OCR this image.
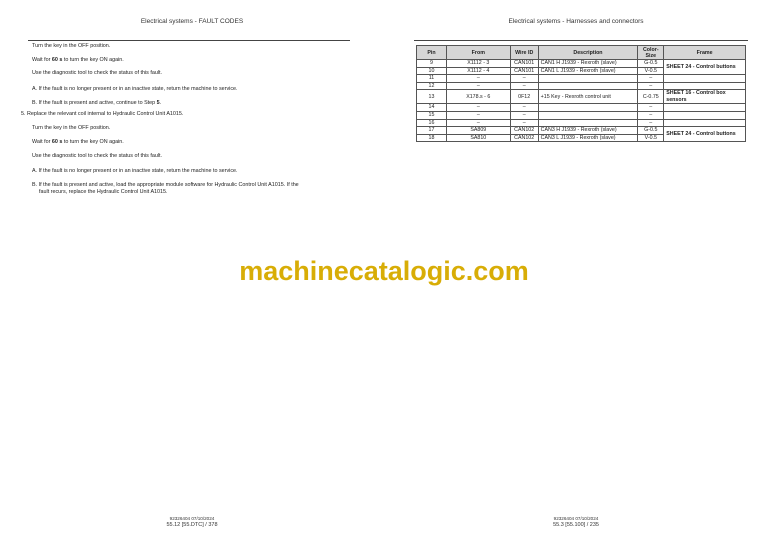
Electrical systems - FAULT CODES
Turn the key in the OFF position.
Wait for 60 s to turn the key ON again.
Use the diagnostic tool to check the status of this fault.
A. If the fault is no longer present or in an inactive state, return the machine to service.
B. If the fault is present and active, continue to Step 5.
5. Replace the relevant coil internal to Hydraulic Control Unit A1015.
Turn the key in the OFF position.
Wait for 60 s to turn the key ON again.
Use the diagnostic tool to check the status of this fault.
A. If the fault is no longer present or in an inactive state, return the machine to service.
B. If the fault is present and active, load the appropriate module software for Hydraulic Control Unit A1015. If the
fault recurs, replace the Hydraulic Control Unit A1015.
92326404 07/10/2024
55.12 [55.DTC] / 378
Electrical systems - Harnesses and connectors
Pin	From	Wire ID	Description	Color-Size	Frame
9	X1112 - 3	CAN101	CAN1 H J1939 - Rexroth (slave)	G-0.5	SHEET 24 - Control buttons
10	X1112 - 4	CAN101	CAN1 L J1939 - Rexroth (slave)	V-0.5	
11	–	–		–	
12	–	–		–	
13	X178.s - 6	0F12	+15 Key - Rexroth control unit	C-0.75	SHEET 16 - Control box sensors
14	–	–		–	
15	–	–		–	
16	–	–		–	
17	SA809	CAN102	CAN3 H J1939 - Rexroth (slave)	G-0.5	SHEET 24 - Control buttons
18	SA810	CAN102	CAN3 L J1939 - Rexroth (slave)	V-0.5	
92326404 07/10/2024
55.3 [55.100] / 235
machinecatalogic.com
